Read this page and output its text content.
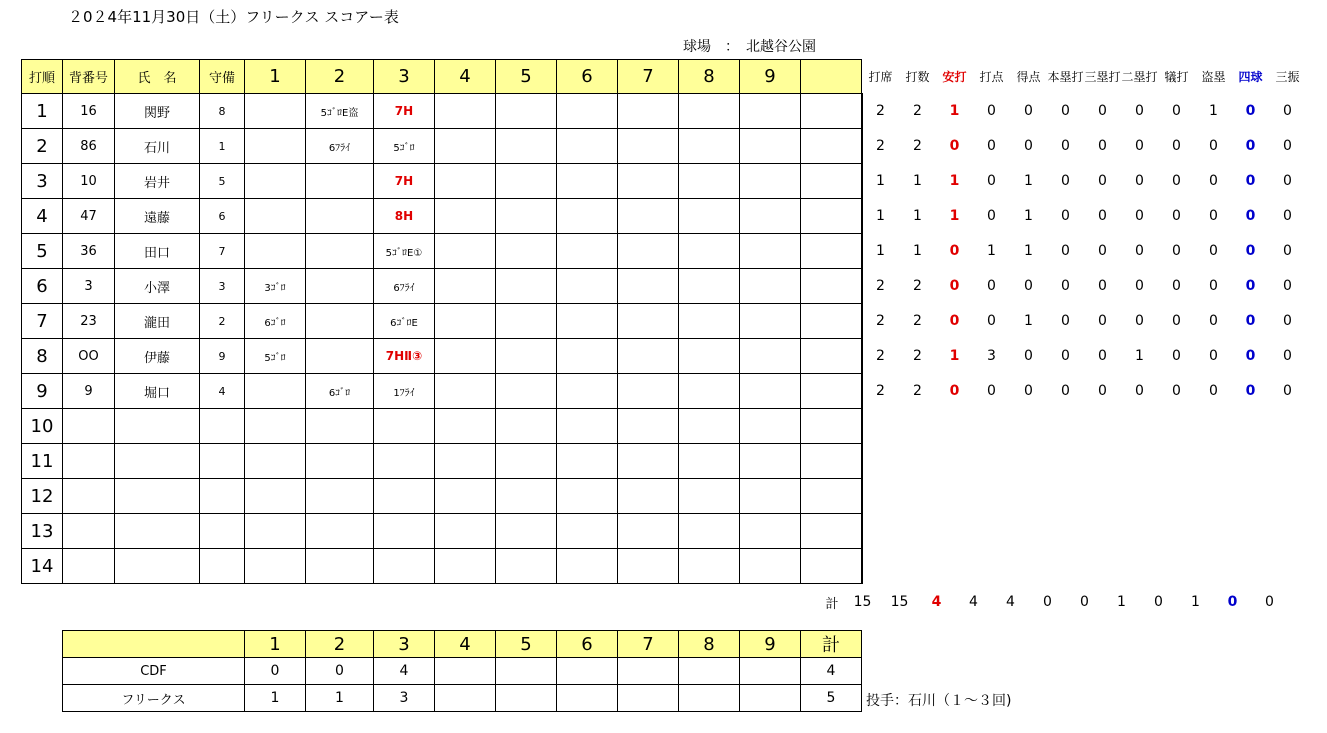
２0２4年11月30日（土）フリークス スコアー表
球場　：　北越谷公園
打順	背番号	氏　名	守備	1	2	3	4	5	6	7	8	9		
1	16	関野	8		5ｺﾞﾛE盗	7H								
2	86	石川	1		6ﾌﾗｲ	5ｺﾞﾛ								
3	10	岩井	5			7H								
4	47	遠藤	6			8H								
5	36	田口	7			5ｺﾞﾛE①								
6	3	小澤	3	3ｺﾞﾛ		6ﾌﾗｲ								
7	23	瀧田	2	6ｺﾞﾛ		6ｺﾞﾛE								
8	OO	伊藤	9	5ｺﾞﾛ		7HⅡ③								
9	9	堀口	4		6ｺﾞﾛ	1ﾌﾗｲ								
10														
11														
12														
13														
14														
打席	打数	安打	打点	得点	本塁打	三塁打	二塁打	犠打	盗塁	四球	三振
2	2	1	0	0	0	0	0	0	1	0	0
2	2	0	0	0	0	0	0	0	0	0	0
1	1	1	0	1	0	0	0	0	0	0	0
1	1	1	0	1	0	0	0	0	0	0	0
1	1	0	1	1	0	0	0	0	0	0	0
2	2	0	0	0	0	0	0	0	0	0	0
2	2	0	0	1	0	0	0	0	0	0	0
2	2	1	3	0	0	0	1	0	0	0	0
2	2	0	0	0	0	0	0	0	0	0	0
計	15	15	4	4	4	0	0	1	0	1	0	0
	1	2	3	4	5	6	7	8	9	計
CDF	0	0	4							4
フリークス	1	1	3							5 投手：石川（１～３回)
